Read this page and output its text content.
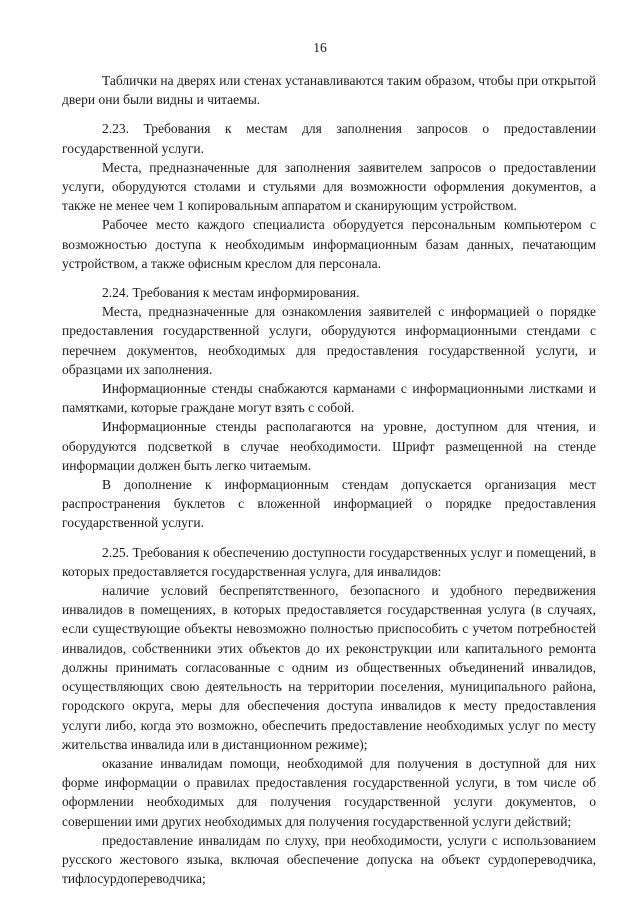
16

Таблички на дверях или стенах устанавливаются таким образом, чтобы при открытой двери они были видны и читаемы.

2.23. Требования к местам для заполнения запросов о предоставлении государственной услуги.

Места, предназначенные для заполнения заявителем запросов о предоставлении услуги, оборудуются столами и стульями для возможности оформления документов, а также не менее чем 1 копировальным аппаратом и сканирующим устройством.

Рабочее место каждого специалиста оборудуется персональным компьютером с возможностью доступа к необходимым информационным базам данных, печатающим устройством, а также офисным креслом для персонала.

2.24. Требования к местам информирования.

Места, предназначенные для ознакомления заявителей с информацией о порядке предоставления государственной услуги, оборудуются информационными стендами с перечнем документов, необходимых для предоставления государственной услуги, и образцами их заполнения.

Информационные стенды снабжаются карманами с информационными листками и памятками, которые граждане могут взять с собой.

Информационные стенды располагаются на уровне, доступном для чтения, и оборудуются подсветкой в случае необходимости. Шрифт размещенной на стенде информации должен быть легко читаемым.

В дополнение к информационным стендам допускается организация мест распространения буклетов с вложенной информацией о порядке предоставления государственной услуги.

2.25. Требования к обеспечению доступности государственных услуг и помещений, в которых предоставляется государственная услуга, для инвалидов:

наличие условий беспрепятственного, безопасного и удобного передвижения инвалидов в помещениях, в которых предоставляется государственная услуга (в случаях, если существующие объекты невозможно полностью приспособить с учетом потребностей инвалидов, собственники этих объектов до их реконструкции или капитального ремонта должны принимать согласованные с одним из общественных объединений инвалидов, осуществляющих свою деятельность на территории поселения, муниципального района, городского округа, меры для обеспечения доступа инвалидов к месту предоставления услуги либо, когда это возможно, обеспечить предоставление необходимых услуг по месту жительства инвалида или в дистанционном режиме);

оказание инвалидам помощи, необходимой для получения в доступной для них форме информации о правилах предоставления государственной услуги, в том числе об оформлении необходимых для получения государственной услуги документов, о совершении ими других необходимых для получения государственной услуги действий;

предоставление инвалидам по слуху, при необходимости, услуги с использованием русского жестового языка, включая обеспечение допуска на объект сурдопереводчика, тифлосурдопереводчика;
